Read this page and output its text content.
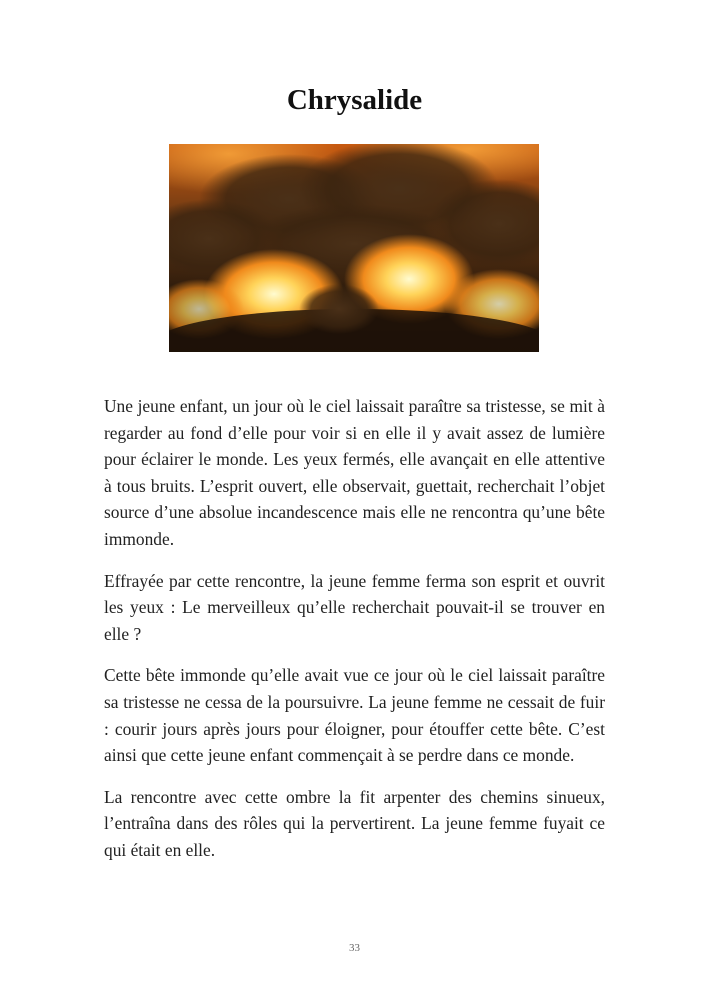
Chrysalide

Une jeune enfant, un jour où le ciel laissait paraître sa tristesse, se mit à regarder au fond d’elle pour voir si en elle il y avait assez de lumière pour éclairer le monde. Les yeux fermés, elle avançait en elle attentive à tous bruits. L’esprit ouvert, elle observait, guettait, recherchait l’objet source d’une absolue incandescence mais elle ne rencontra qu’une bête immonde.

Effrayée par cette rencontre, la jeune femme ferma son esprit et ouvrit les yeux : Le merveilleux qu’elle recherchait pouvait-il se trouver en elle ?

Cette bête immonde qu’elle avait vue ce jour où le ciel laissait paraître sa tristesse ne cessa de la poursuivre. La jeune femme ne cessait de fuir : courir jours après jours pour éloigner, pour étouffer cette bête. C’est ainsi que cette jeune enfant commençait à se perdre dans ce monde.

La rencontre avec cette ombre la fit arpenter des chemins sinueux, l’entraîna dans des rôles qui la pervertirent. La jeune femme fuyait ce qui était en elle.

33
